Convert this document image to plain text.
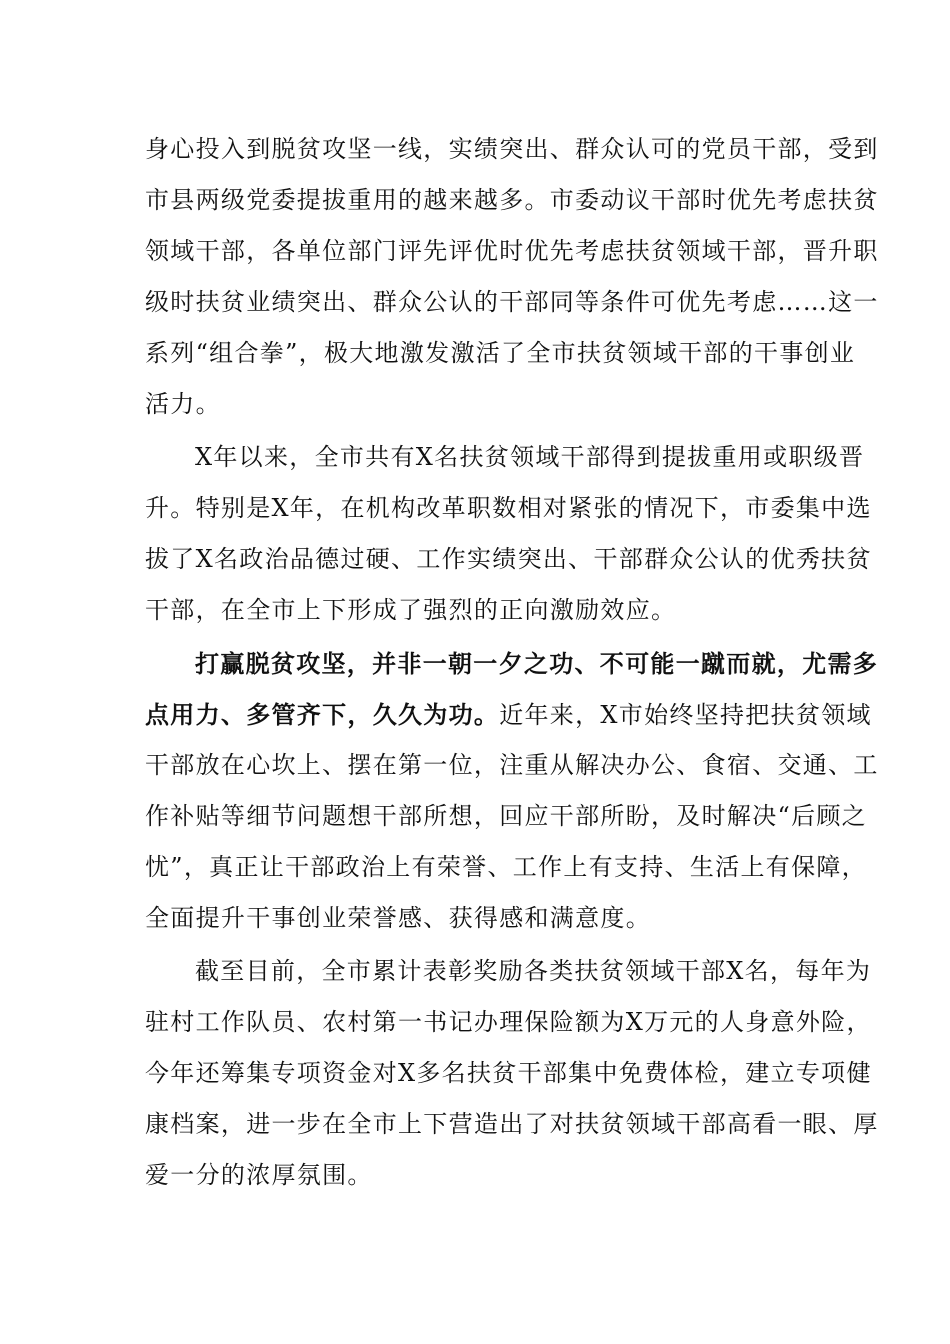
身心投入到脱贫攻坚一线，实绩突出、群众认可的党员干部，受到
市县两级党委提拔重用的越来越多。市委动议干部时优先考虑扶贫
领域干部，各单位部门评先评优时优先考虑扶贫领域干部，晋升职
级时扶贫业绩突出、群众公认的干部同等条件可优先考虑……这一
系列“组合拳”，极大地激发激活了全市扶贫领域干部的干事创业
活力。
X年以来，全市共有X名扶贫领域干部得到提拔重用或职级晋
升。特别是X年，在机构改革职数相对紧张的情况下，市委集中选
拔了X名政治品德过硬、工作实绩突出、干部群众公认的优秀扶贫
干部，在全市上下形成了强烈的正向激励效应。
打赢脱贫攻坚，并非一朝一夕之功、不可能一蹴而就，尤需多
点用力、多管齐下，久久为功。近年来，X市始终坚持把扶贫领域
干部放在心坎上、摆在第一位，注重从解决办公、食宿、交通、工
作补贴等细节问题想干部所想，回应干部所盼，及时解决“后顾之
忧”，真正让干部政治上有荣誉、工作上有支持、生活上有保障，
全面提升干事创业荣誉感、获得感和满意度。
截至目前，全市累计表彰奖励各类扶贫领域干部X名，每年为
驻村工作队员、农村第一书记办理保险额为X万元的人身意外险，
今年还筹集专项资金对X多名扶贫干部集中免费体检，建立专项健
康档案，进一步在全市上下营造出了对扶贫领域干部高看一眼、厚
爱一分的浓厚氛围。
